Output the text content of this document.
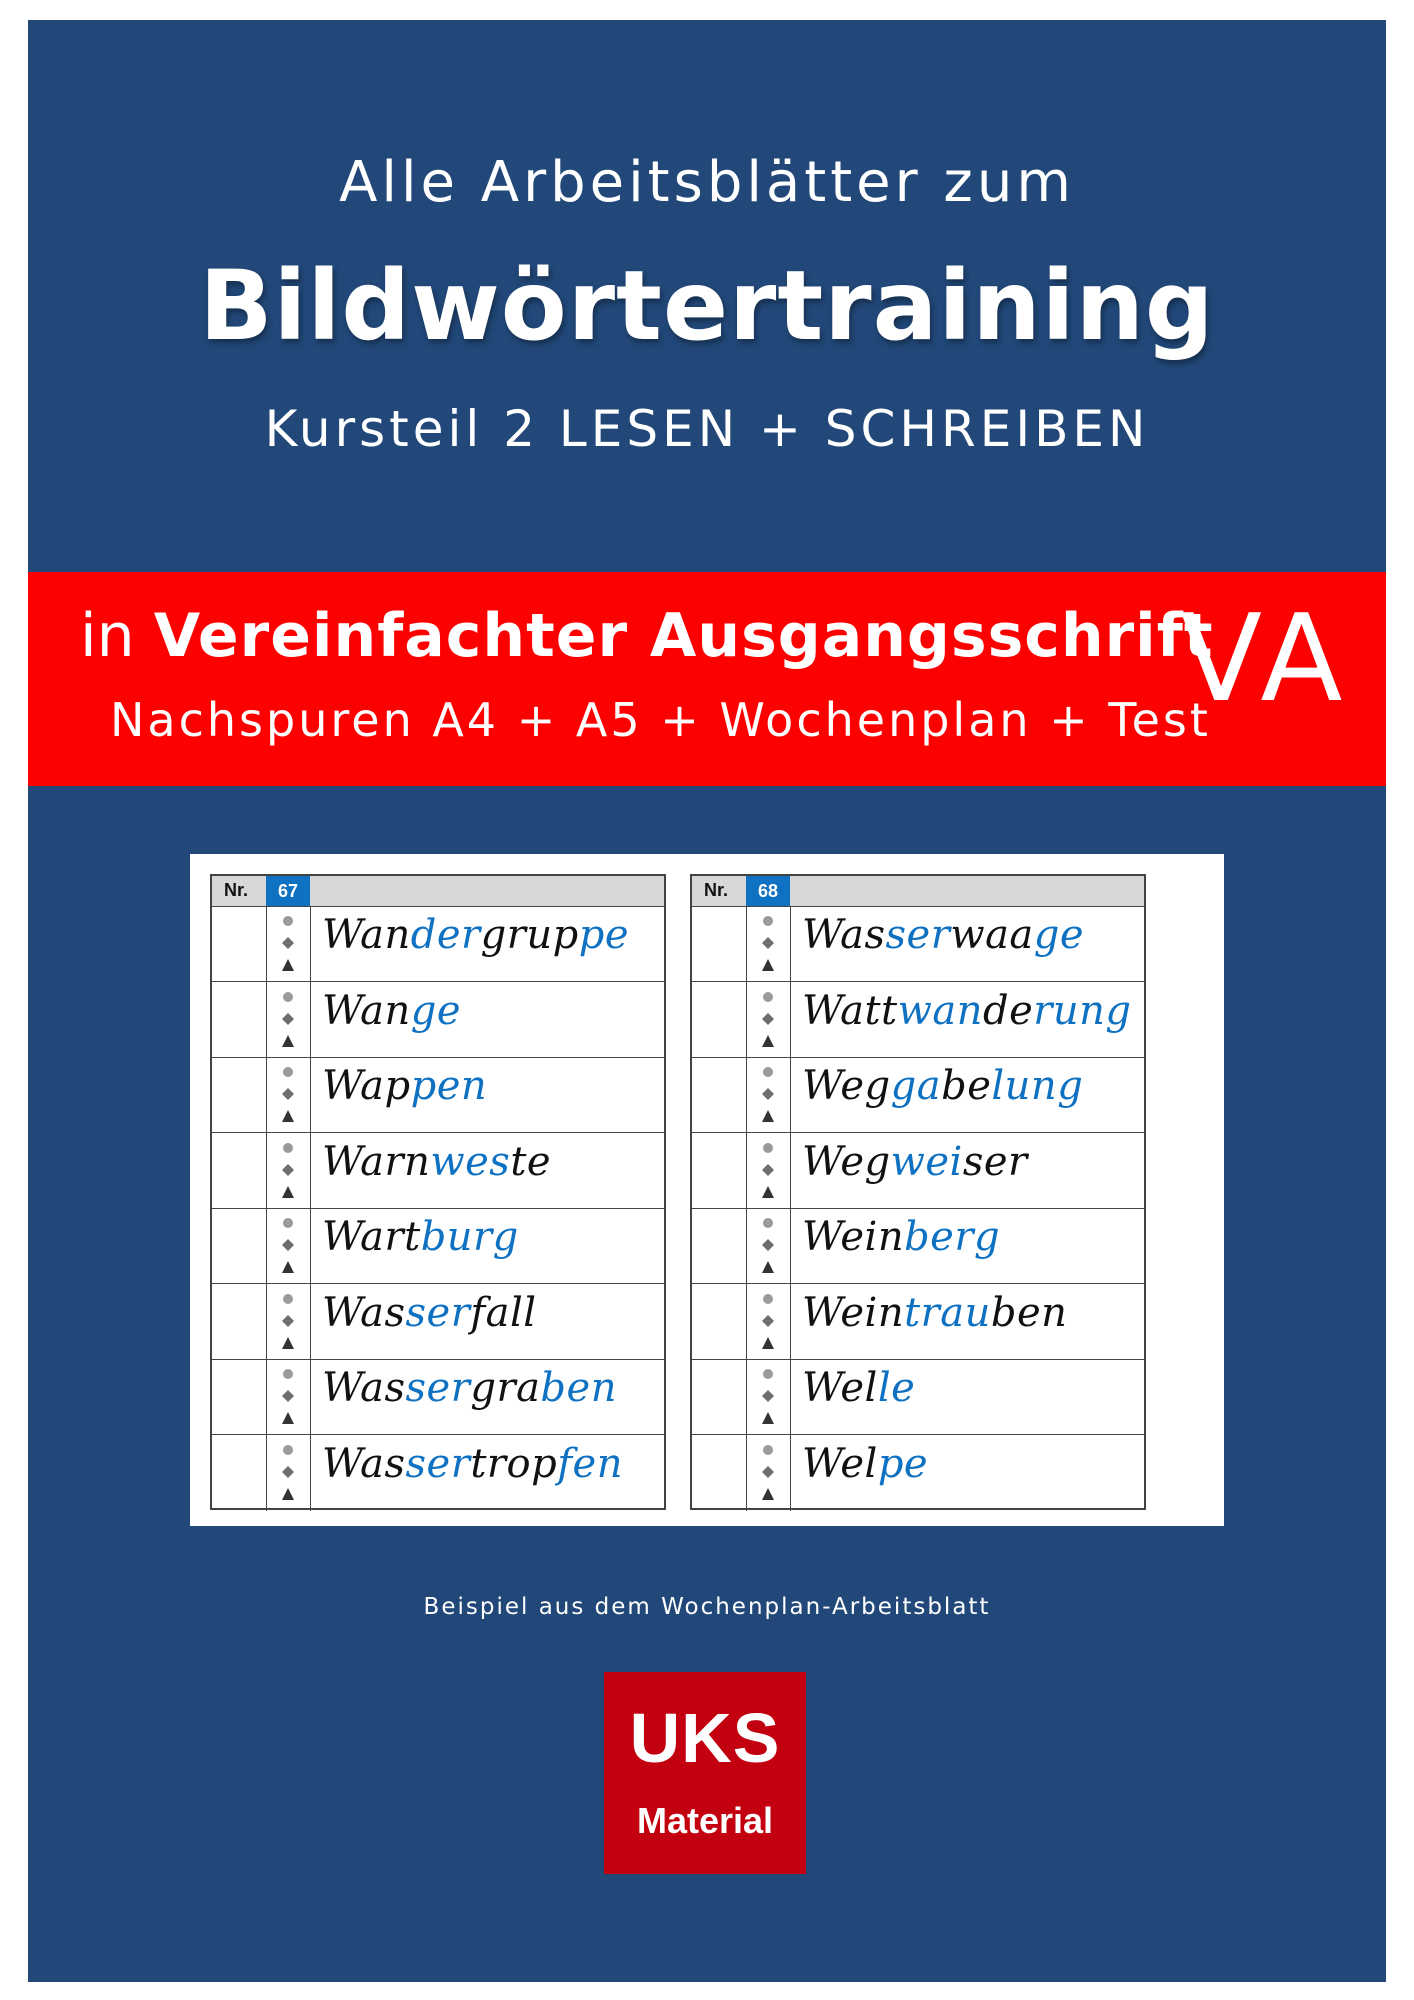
Alle Arbeitsblätter zum
Bildwörtertraining
Kursteil 2 LESEN + SCHREIBEN
in Vereinfachter Ausgangsschrift
Nachspuren A4 + A5 + Wochenplan + Test
VA
Nr.	67
Wandergruppe
Wange
Wappen
Warnweste
Wartburg
Wasserfall
Wassergraben
Wassertropfen
Nr.	68
Wasserwaage
Wattwanderung
Weggabelung
Wegweiser
Weinberg
Weintrauben
Welle
Welpe
Beispiel aus dem Wochenplan-Arbeitsblatt
UKS
Material
